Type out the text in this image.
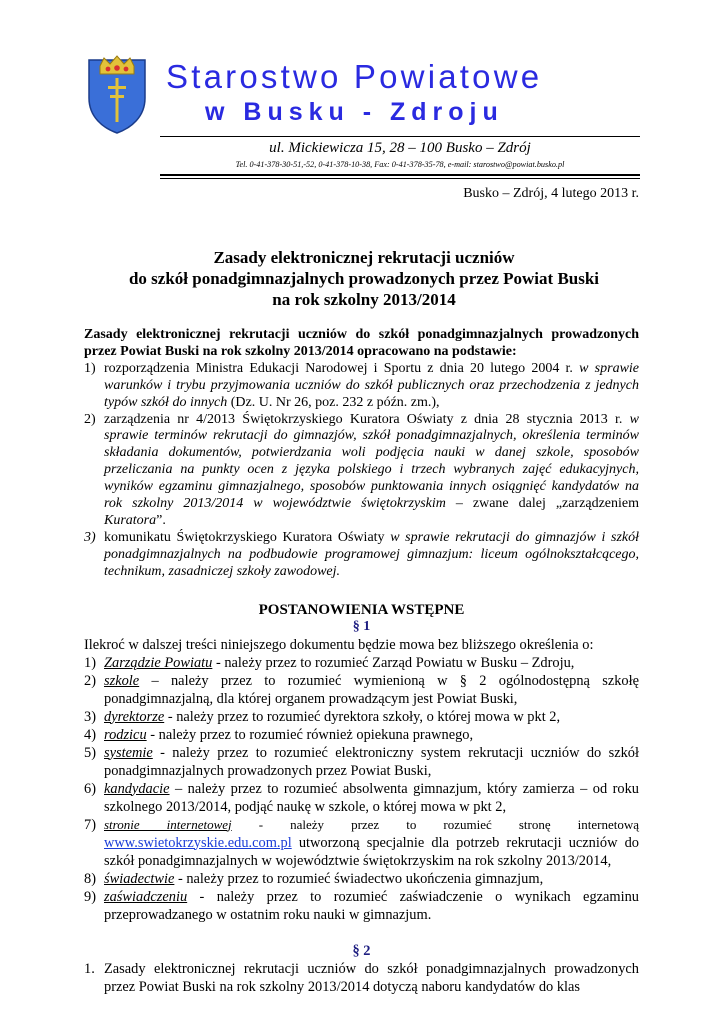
Starostwo Powiatowe
w Busku - Zdroju
ul. Mickiewicza 15, 28 – 100 Busko – Zdrój
Tel. 0-41-378-30-51,-52, 0-41-378-10-38, Fax: 0-41-378-35-78, e-mail: starostwo@powiat.busko.pl
Busko – Zdrój, 4 lutego 2013 r.
Zasady elektronicznej rekrutacji uczniów
do szkół ponadgimnazjalnych prowadzonych przez Powiat Buski
na rok szkolny 2013/2014

Zasady elektronicznej rekrutacji uczniów do szkół ponadgimnazjalnych prowadzonych przez Powiat Buski na rok szkolny 2013/2014 opracowano na podstawie:

1) rozporządzenia Ministra Edukacji Narodowej i Sportu z dnia 20 lutego 2004 r. w sprawie warunków i trybu przyjmowania uczniów do szkół publicznych oraz przechodzenia z jednych typów szkół do innych (Dz. U. Nr 26, poz. 232 z późn. zm.),
2) zarządzenia nr 4/2013 Świętokrzyskiego Kuratora Oświaty z dnia 28 stycznia 2013 r. w sprawie terminów rekrutacji do gimnazjów, szkół ponadgimnazjalnych, określenia terminów składania dokumentów, potwierdzania woli podjęcia nauki w danej szkole, sposobów przeliczania na punkty ocen z języka polskiego i trzech wybranych zajęć edukacyjnych, wyników egzaminu gimnazjalnego, sposobów punktowania innych osiągnięć kandydatów na rok szkolny 2013/2014 w województwie świętokrzyskim – zwane dalej „zarządzeniem Kuratora”.
3) komunikatu Świętokrzyskiego Kuratora Oświaty w sprawie rekrutacji do gimnazjów i szkół ponadgimnazjalnych na podbudowie programowej gimnazjum: liceum ogólnokształcącego, technikum, zasadniczej szkoły zawodowej.
POSTANOWIENIA WSTĘPNE
§ 1

Ilekroć w dalszej treści niniejszego dokumentu będzie mowa bez bliższego określenia o:

1) Zarządzie Powiatu - należy przez to rozumieć Zarząd Powiatu w Busku – Zdroju,
2) szkole – należy przez to rozumieć wymienioną w § 2 ogólnodostępną szkołę ponadgimnazjalną, dla której organem prowadzącym jest Powiat Buski,
3) dyrektorze - należy przez to rozumieć dyrektora szkoły, o której mowa w pkt 2,
4) rodzicu - należy przez to rozumieć również opiekuna prawnego,
5) systemie - należy przez to rozumieć elektroniczny system rekrutacji uczniów do szkół ponadgimnazjalnych prowadzonych przez Powiat Buski,
6) kandydacie – należy przez to rozumieć absolwenta gimnazjum, który zamierza – od roku szkolnego 2013/2014, podjąć naukę w szkole, o której mowa w pkt 2,
7) stronie internetowej - należy przez to rozumieć stronę internetową www.swietokrzyskie.edu.com.pl utworzoną specjalnie dla potrzeb rekrutacji uczniów do szkół ponadgimnazjalnych w województwie świętokrzyskim na rok szkolny 2013/2014,
8) świadectwie - należy przez to rozumieć świadectwo ukończenia gimnazjum,
9) zaświadczeniu - należy przez to rozumieć zaświadczenie o wynikach egzaminu przeprowadzanego w ostatnim roku nauki w gimnazjum.
§ 2
1. Zasady elektronicznej rekrutacji uczniów do szkół ponadgimnazjalnych prowadzonych przez Powiat Buski na rok szkolny 2013/2014 dotyczą naboru kandydatów do klas
